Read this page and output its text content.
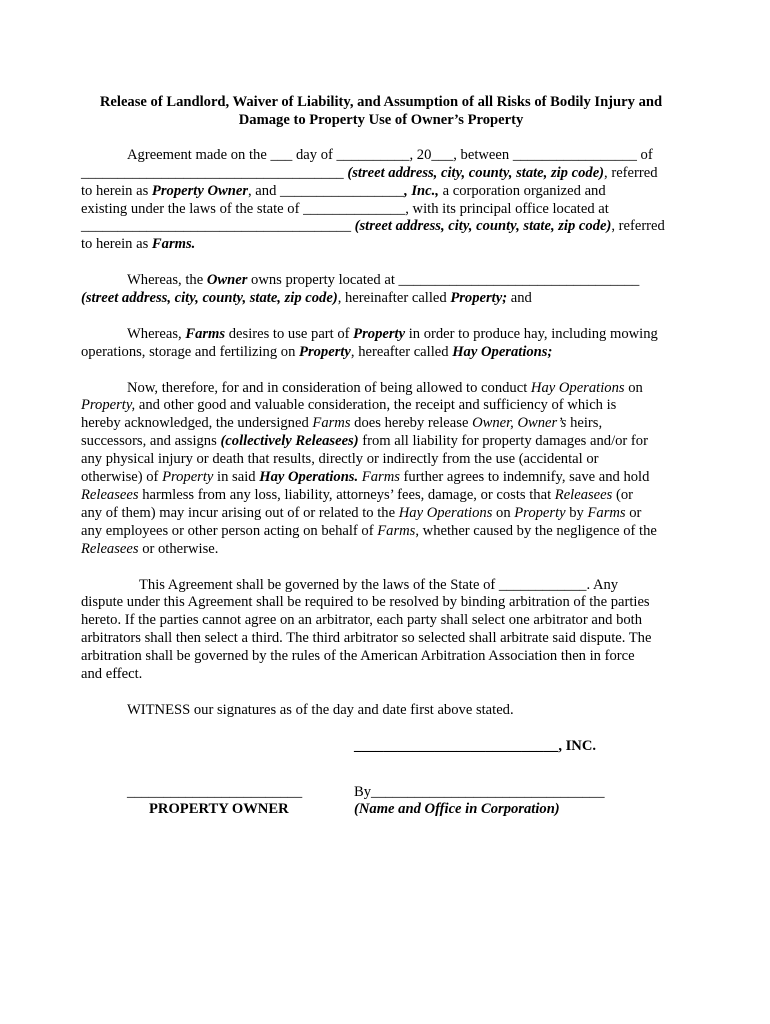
Release of Landlord, Waiver of Liability, and Assumption of all Risks of Bodily Injury and
Damage to Property Use of Owner’s Property

Agreement made on the ___ day of __________, 20___, between _________________ of
____________________________________ (street address, city, county, state, zip code), referred
to herein as Property Owner, and _________________, Inc., a corporation organized and
existing under the laws of the state of ______________, with its principal office located at
_____________________________________ (street address, city, county, state, zip code), referred
to herein as Farms.

Whereas, the Owner owns property located at _________________________________
(street address, city, county, state, zip code), hereinafter called Property; and

Whereas, Farms desires to use part of Property in order to produce hay, including mowing
operations, storage and fertilizing on Property, hereafter called Hay Operations;

Now, therefore, for and in consideration of being allowed to conduct Hay Operations on
Property, and other good and valuable consideration, the receipt and sufficiency of which is
hereby acknowledged, the undersigned Farms does hereby release Owner, Owner’s heirs,
successors, and assigns (collectively Releasees) from all liability for property damages and/or for
any physical injury or death that results, directly or indirectly from the use (accidental or
otherwise) of Property in said Hay Operations. Farms further agrees to indemnify, save and hold
Releasees harmless from any loss, liability, attorneys’ fees, damage, or costs that Releasees (or
any of them) may incur arising out of or related to the Hay Operations on Property by Farms or
any employees or other person acting on behalf of Farms, whether caused by the negligence of the
Releasees or otherwise.

This Agreement shall be governed by the laws of the State of ____________. Any
dispute under this Agreement shall be required to be resolved by binding arbitration of the parties
hereto. If the parties cannot agree on an arbitrator, each party shall select one arbitrator and both
arbitrators shall then select a third. The third arbitrator so selected shall arbitrate said dispute. The
arbitration shall be governed by the rules of the American Arbitration Association then in force
and effect.

WITNESS our signatures as of the day and date first above stated.

____________________________, INC.
________________________
PROPERTY OWNER
By________________________________
(Name and Office in Corporation)
